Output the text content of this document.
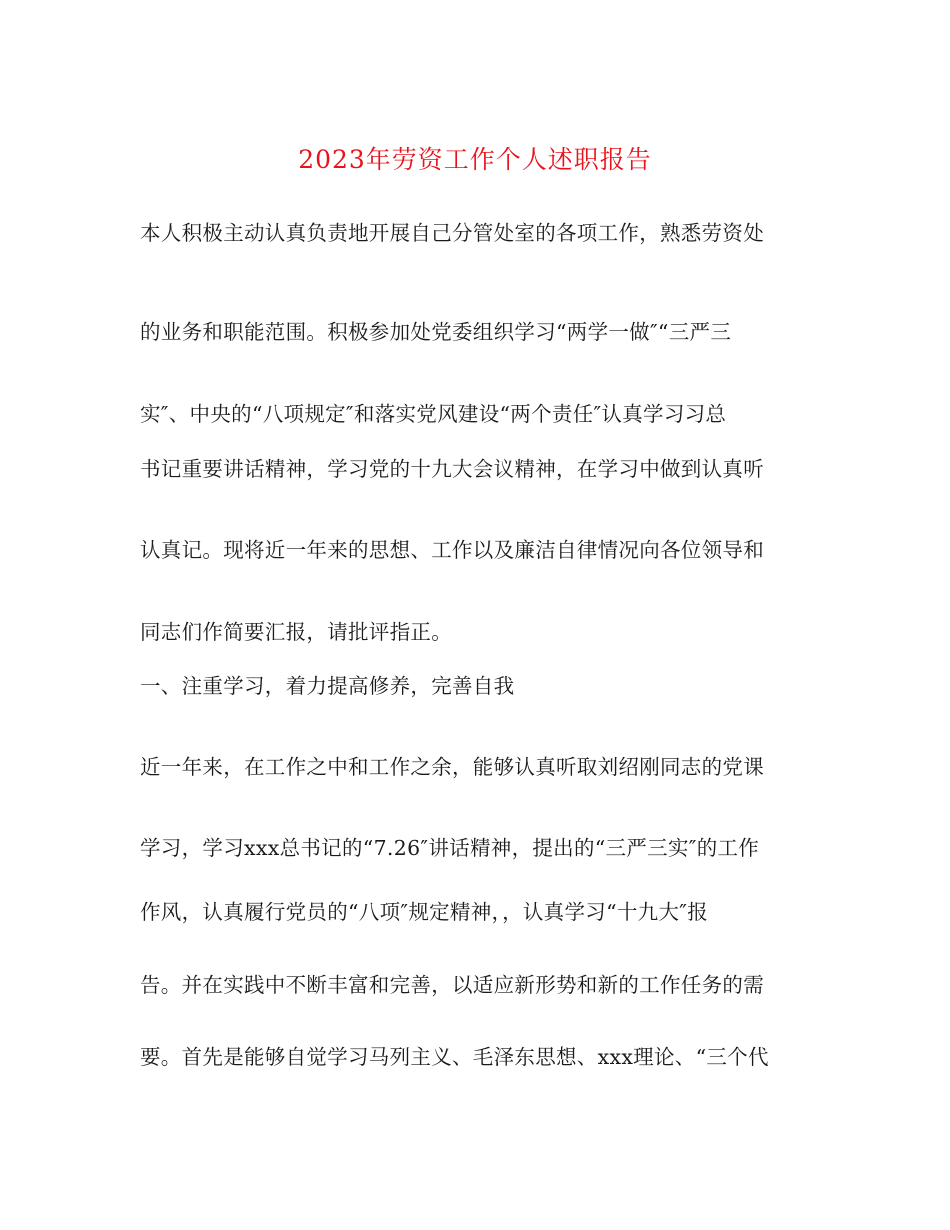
2023年劳资工作个人述职报告
本人积极主动认真负责地开展自己分管处室的各项工作，熟悉劳资处
的业务和职能范围。积极参加处党委组织学习“两学一做″“三严三
实″、中央的“八项规定″和落实党风建设“两个责任″认真学习习总
书记重要讲话精神，学习党的十九大会议精神，在学习中做到认真听
认真记。现将近一年来的思想、工作以及廉洁自律情况向各位领导和
同志们作简要汇报，请批评指正。
一、注重学习，着力提高修养，完善自我
近一年来，在工作之中和工作之余，能够认真听取刘绍刚同志的党课
学习，学习xxx总书记的“7.26″讲话精神，提出的“三严三实″的工作
作风，认真履行党员的“八项″规定精神，，认真学习“十九大″报
告。并在实践中不断丰富和完善，以适应新形势和新的工作任务的需
要。首先是能够自觉学习马列主义、毛泽东思想、xxx理论、“三个代
